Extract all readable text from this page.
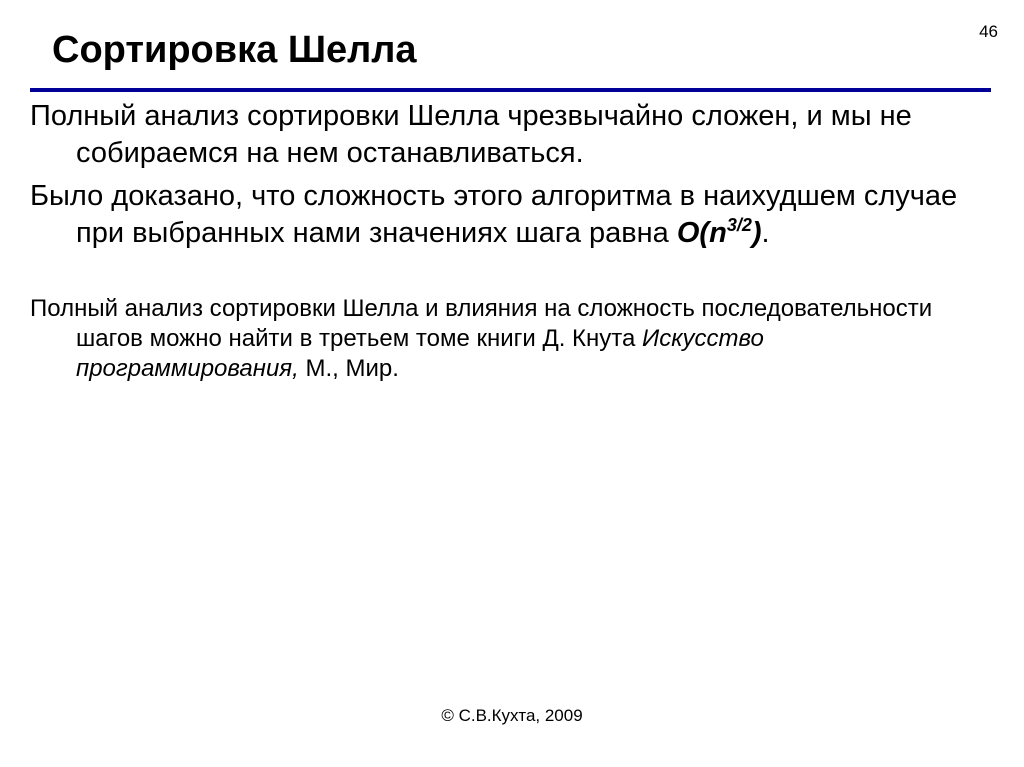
Сортировка Шелла	46

Полный анализ сортировки Шелла чрезвычайно сложен, и мы не собираемся на нем останавливаться.

Было доказано, что сложность этого алгоритма в наихудшем случае при выбранных нами значениях шага равна $O(n^{3/2})$.

Полный анализ сортировки Шелла и влияния на сложность последовательности шагов можно найти в третьем томе книги Д. Кнута Искусство программирования, М., Мир.

© С.В.Кухта, 2009
